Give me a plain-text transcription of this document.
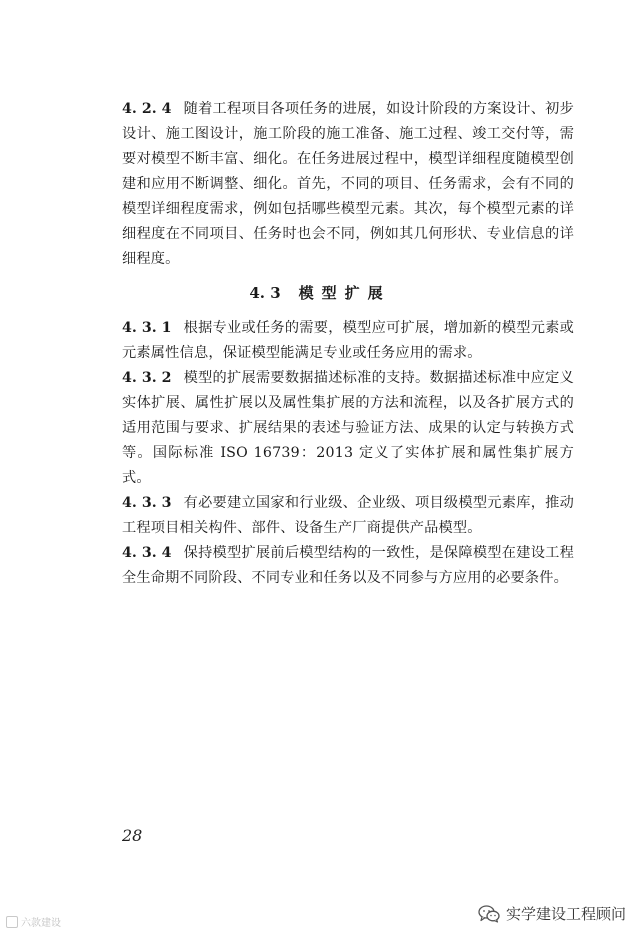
4. 2. 4 随着工程项目各项任务的进展，如设计阶段的方案设计、初步设计、施工图设计，施工阶段的施工准备、施工过程、竣工交付等，需要对模型不断丰富、细化。在任务进展过程中，模型详细程度随模型创建和应用不断调整、细化。首先，不同的项目、任务需求，会有不同的模型详细程度需求，例如包括哪些模型元素。其次，每个模型元素的详细程度在不同项目、任务时也会不同，例如其几何形状、专业信息的详细程度。

4. 3 模型扩展

4. 3. 1 根据专业或任务的需要，模型应可扩展，增加新的模型元素或元素属性信息，保证模型能满足专业或任务应用的需求。

4. 3. 2 模型的扩展需要数据描述标准的支持。数据描述标准中应定义实体扩展、属性扩展以及属性集扩展的方法和流程，以及各扩展方式的适用范围与要求、扩展结果的表述与验证方法、成果的认定与转换方式等。国际标准 ISO 16739：2013 定义了实体扩展和属性集扩展方式。

4. 3. 3 有必要建立国家和行业级、企业级、项目级模型元素库，推动工程项目相关构件、部件、设备生产厂商提供产品模型。

4. 3. 4 保持模型扩展前后模型结构的一致性，是保障模型在建设工程全生命期不同阶段、不同专业和任务以及不同参与方应用的必要条件。

28
六款建设
实学建设工程顾问
